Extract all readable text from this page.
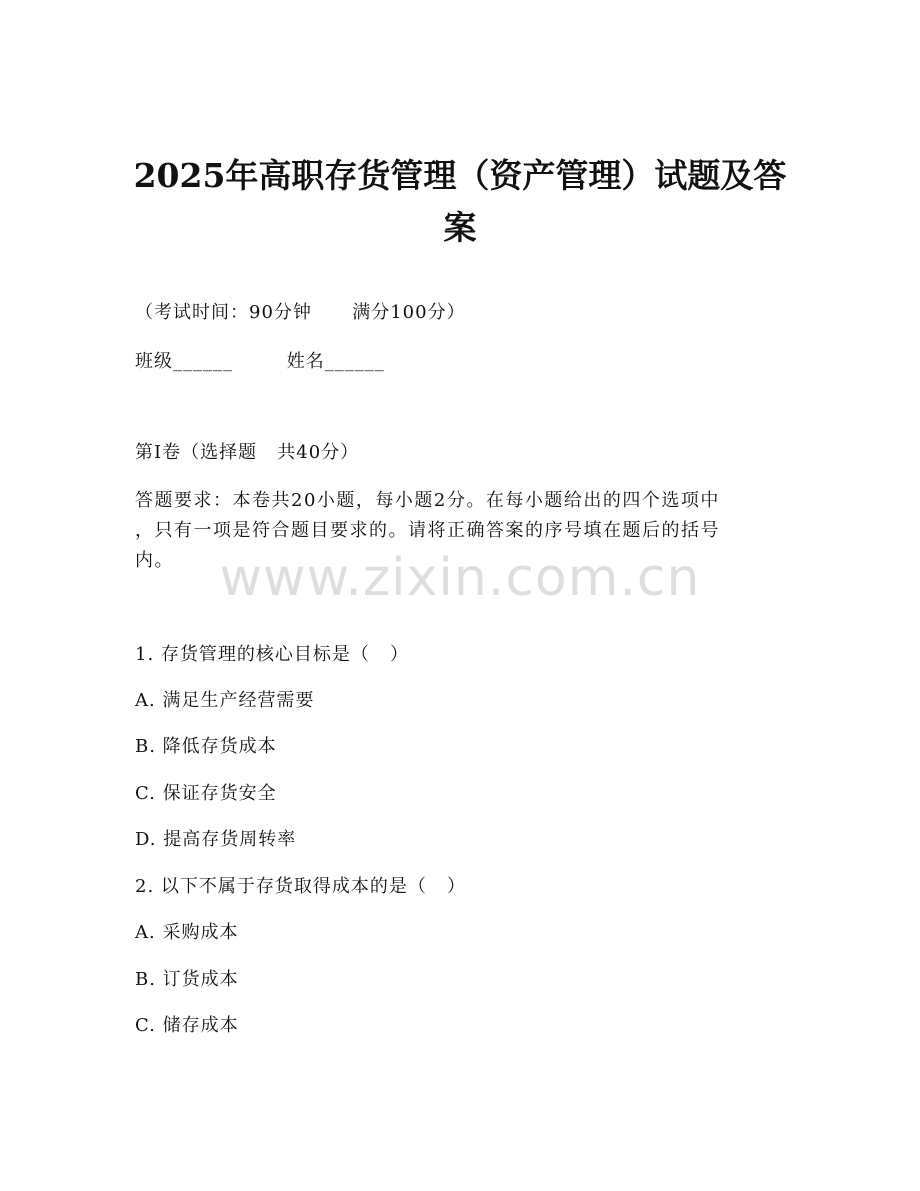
2025年高职存货管理（资产管理）试题及答
案
（考试时间：90分钟      满分100分）
班级______        姓名______
第I卷（选择题   共40分）
答题要求：本卷共20小题，每小题2分。在每小题给出的四个选项中
，只有一项是符合题目要求的。请将正确答案的序号填在题后的括号
内。
1. 存货管理的核心目标是（   ）
A. 满足生产经营需要
B. 降低存货成本
C. 保证存货安全
D. 提高存货周转率
2. 以下不属于存货取得成本的是（   ）
A. 采购成本
B. 订货成本
C. 储存成本
www.zixin.com.cn
